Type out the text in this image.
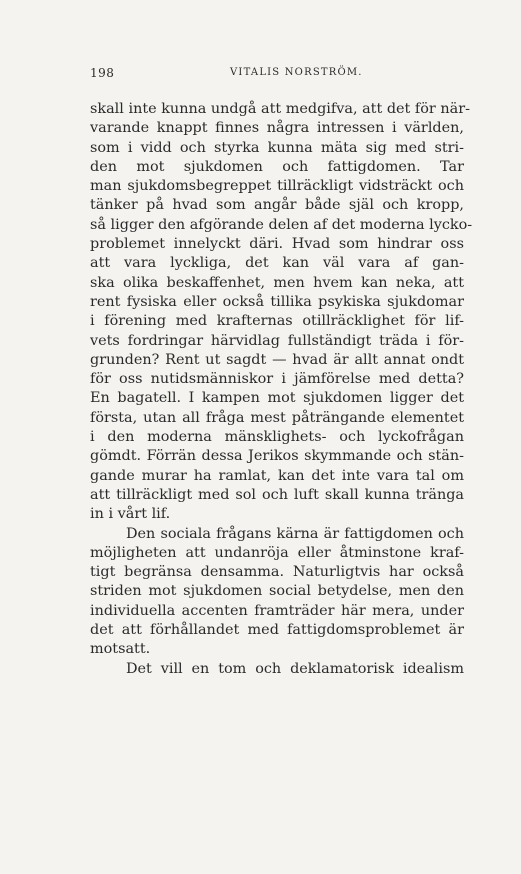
198	VITALIS NORSTRÖM.
skall inte kunna undgå att medgifva, att det för när-
varande knappt finnes några intressen i världen,
som i vidd och styrka kunna mäta sig med stri-
den mot sjukdomen och fattigdomen. Tar
man sjukdomsbegreppet tillräckligt vidsträckt och
tänker på hvad som angår både själ och kropp,
så ligger den afgörande delen af det moderna lycko-
problemet innelyckt däri. Hvad som hindrar oss
att vara lyckliga, det kan väl vara af gan-
ska olika beskaffenhet, men hvem kan neka, att
rent fysiska eller också tillika psykiska sjukdomar
i förening med krafternas otillräcklighet för lif-
vets fordringar härvidlag fullständigt träda i för-
grunden? Rent ut sagdt — hvad är allt annat ondt
för oss nutidsmänniskor i jämförelse med detta?
En bagatell. I kampen mot sjukdomen ligger det
första, utan all fråga mest påträngande elementet
i den moderna mänsklighets- och lyckofrågan
gömdt. Förrän dessa Jerikos skymmande och stän-
gande murar ha ramlat, kan det inte vara tal om
att tillräckligt med sol och luft skall kunna tränga
in i vårt lif.
Den sociala frågans kärna är fattigdomen och
möjligheten att undanröja eller åtminstone kraf-
tigt begränsa densamma. Naturligtvis har också
striden mot sjukdomen social betydelse, men den
individuella accenten framträder här mera, under
det att förhållandet med fattigdomsproblemet är
motsatt.
Det vill en tom och deklamatorisk idealism
